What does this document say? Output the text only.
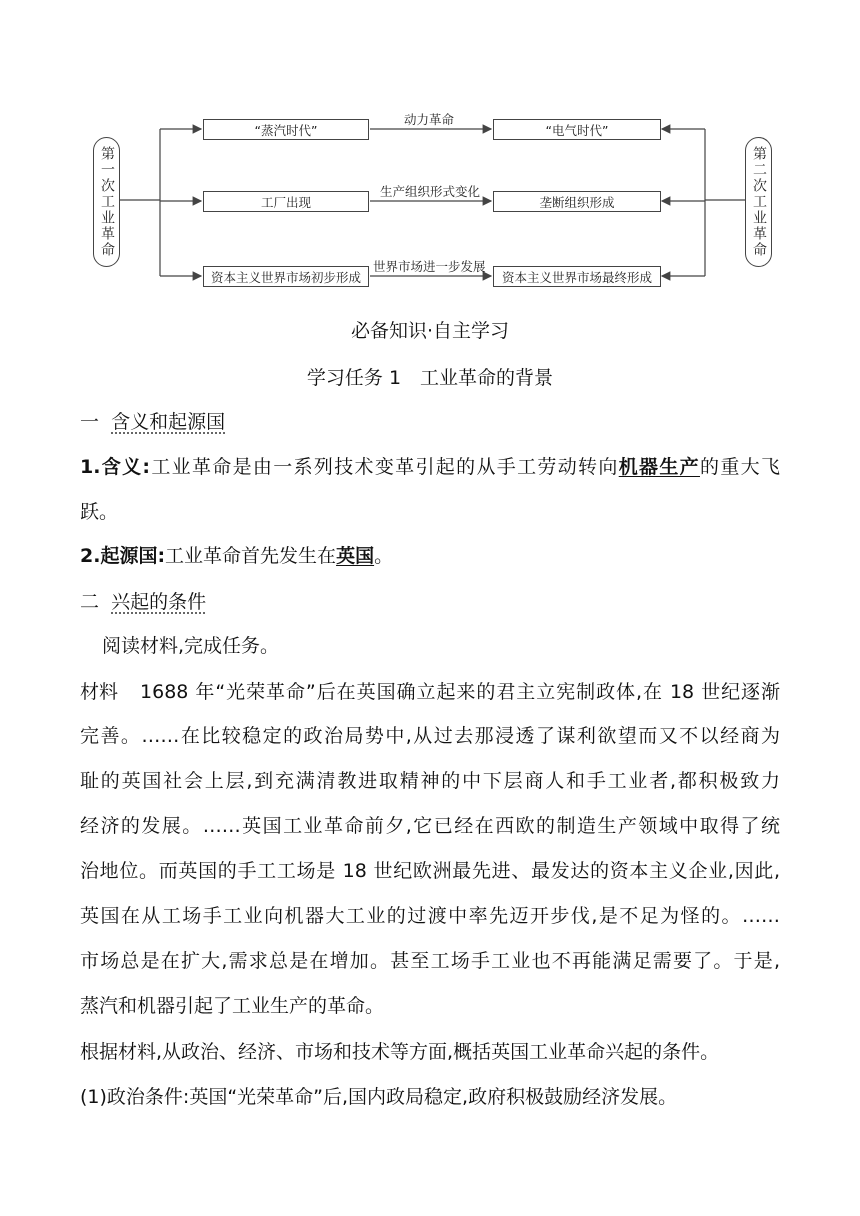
第一次工业革命	第二次工业革命
“蒸汽时代”
工厂出现
资本主义世界市场初步形成
“电气时代”
垄断组织形成
资本主义世界市场最终形成
动力革命
生产组织形式变化
世界市场进一步发展
必备知识·自主学习
学习任务 1　工业革命的背景
一 含义和起源国
1.含义:工业革命是由一系列技术变革引起的从手工劳动转向机器生产的重大飞
跃。
2.起源国:工业革命首先发生在英国。
二 兴起的条件
阅读材料,完成任务。
材料 1688 年“光荣革命”后在英国确立起来的君主立宪制政体,在 18 世纪逐渐
完善。……在比较稳定的政治局势中,从过去那浸透了谋利欲望而又不以经商为
耻的英国社会上层,到充满清教进取精神的中下层商人和手工业者,都积极致力
经济的发展。……英国工业革命前夕,它已经在西欧的制造生产领域中取得了统
治地位。而英国的手工工场是 18 世纪欧洲最先进、最发达的资本主义企业,因此,
英国在从工场手工业向机器大工业的过渡中率先迈开步伐,是不足为怪的。……
市场总是在扩大,需求总是在增加。甚至工场手工业也不再能满足需要了。于是,
蒸汽和机器引起了工业生产的革命。
根据材料,从政治、经济、市场和技术等方面,概括英国工业革命兴起的条件。
(1)政治条件:英国“光荣革命”后,国内政局稳定,政府积极鼓励经济发展。
